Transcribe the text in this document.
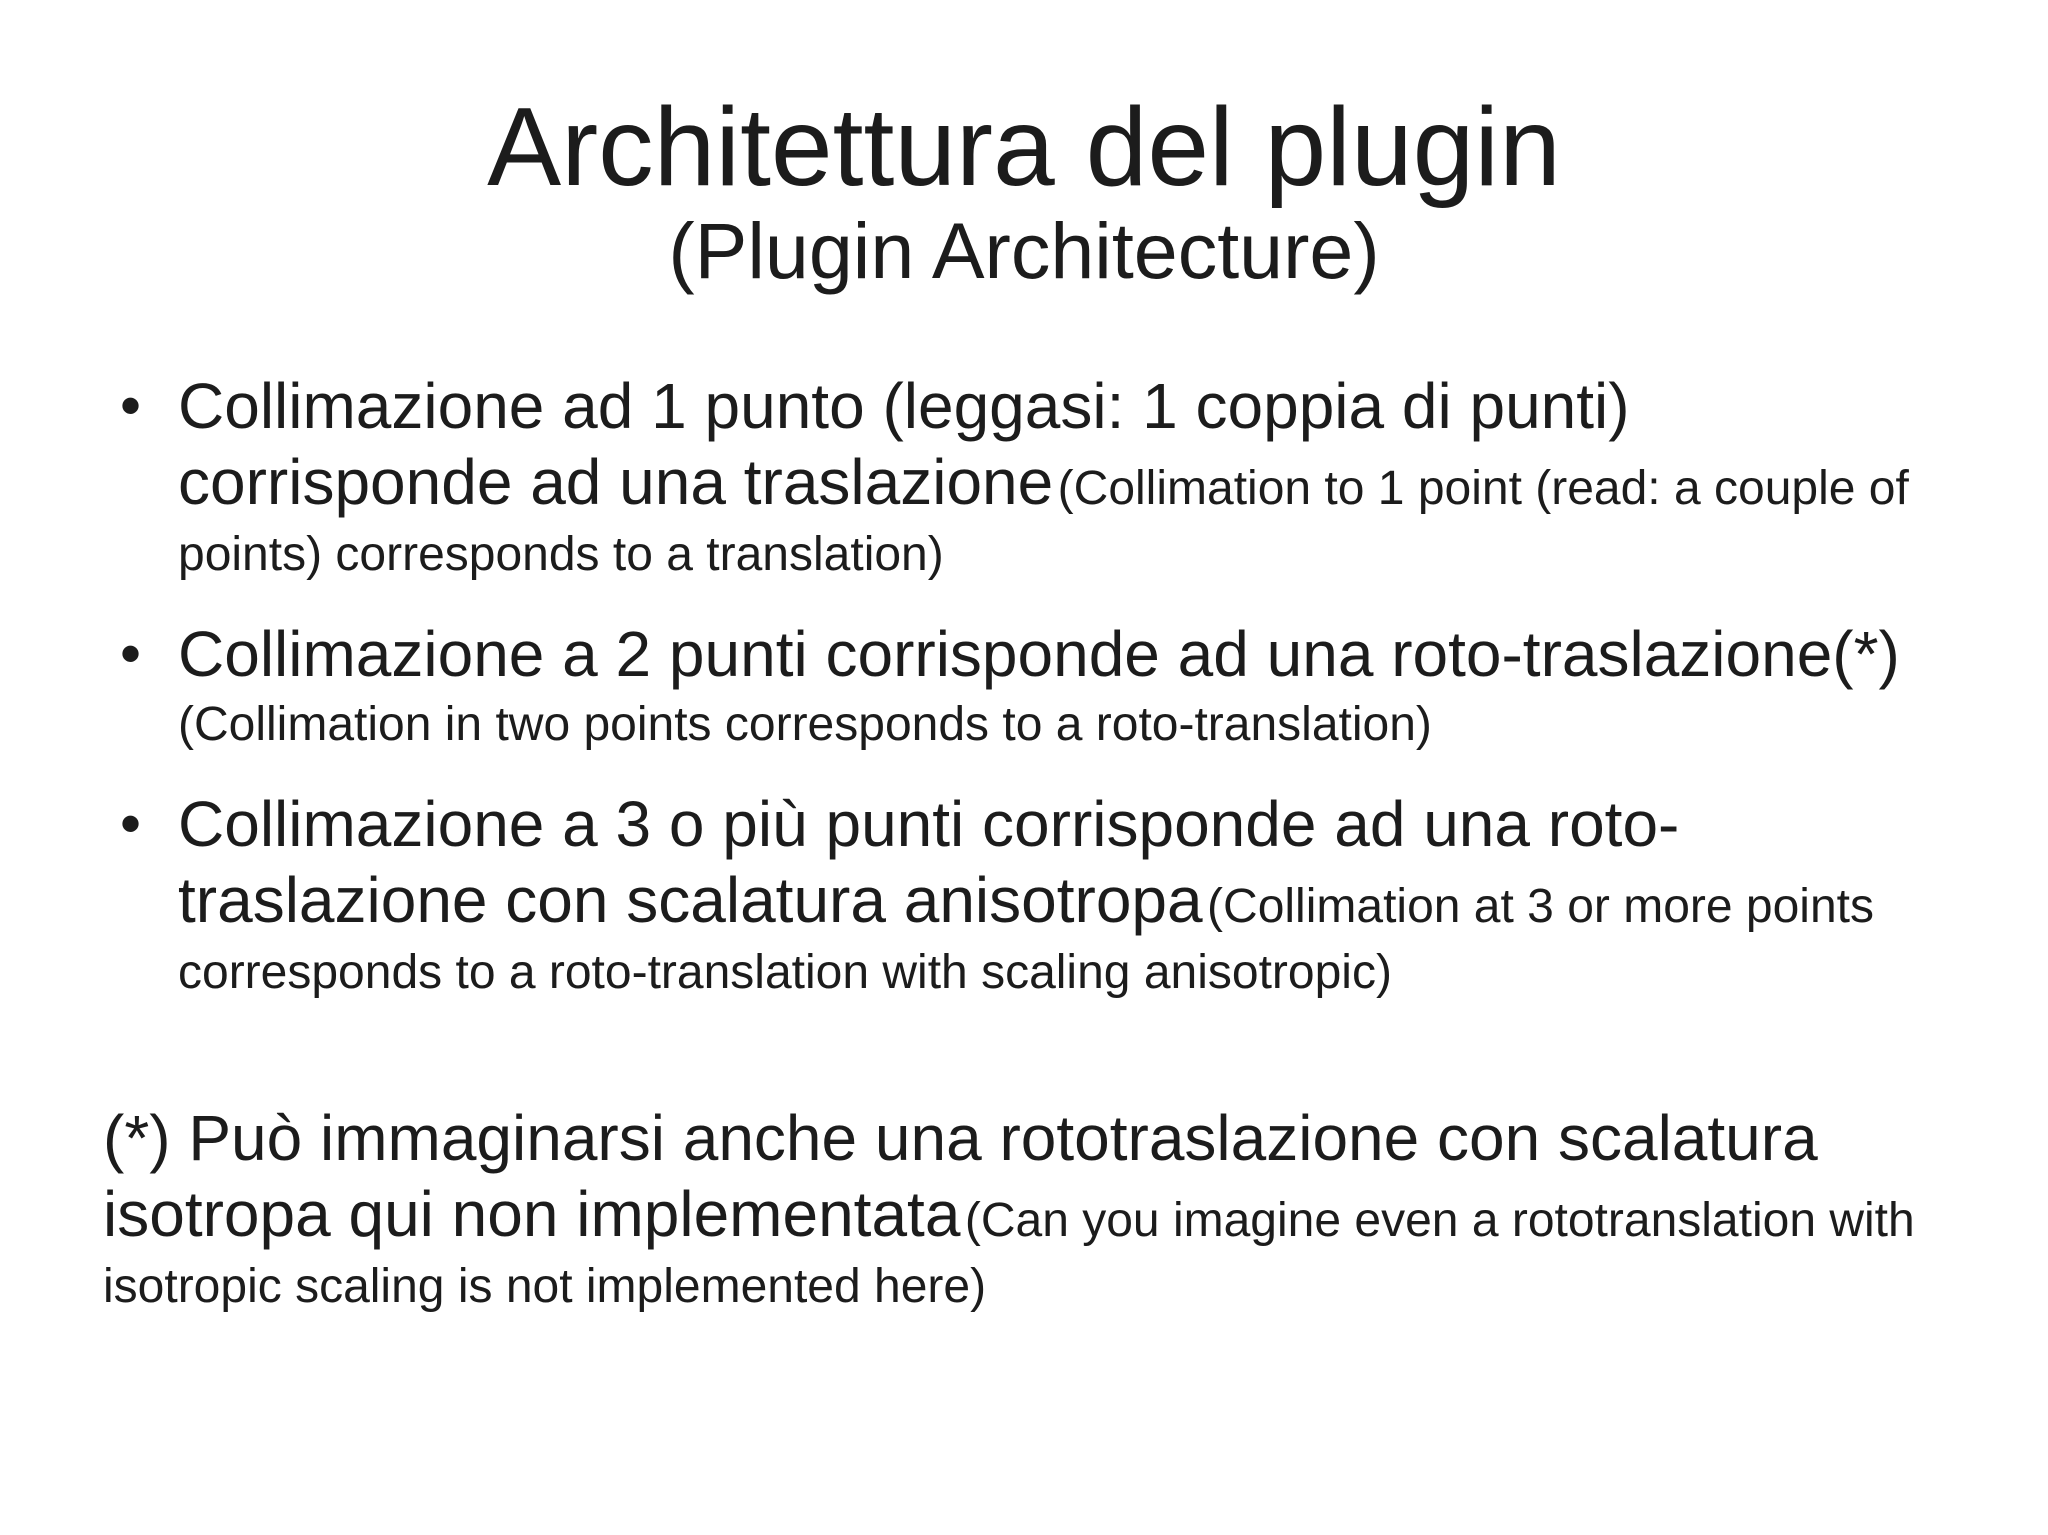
Architettura del plugin
(Plugin Architecture)
• Collimazione ad 1 punto (leggasi: 1 coppia di punti) corrisponde ad una traslazione (Collimation to 1 point (read: a couple of points) corresponds to a translation)
• Collimazione a 2 punti corrisponde ad una roto-traslazione(*) (Collimation in two points corresponds to a roto-translation)
• Collimazione a 3 o più punti corrisponde ad una roto-traslazione con scalatura anisotropa (Collimation at 3 or more points corresponds to a roto-translation with scaling anisotropic)
(*) Può immaginarsi anche una rototraslazione con scalatura isotropa qui non implementata (Can you imagine even a rototranslation with isotropic scaling is not implemented here)
